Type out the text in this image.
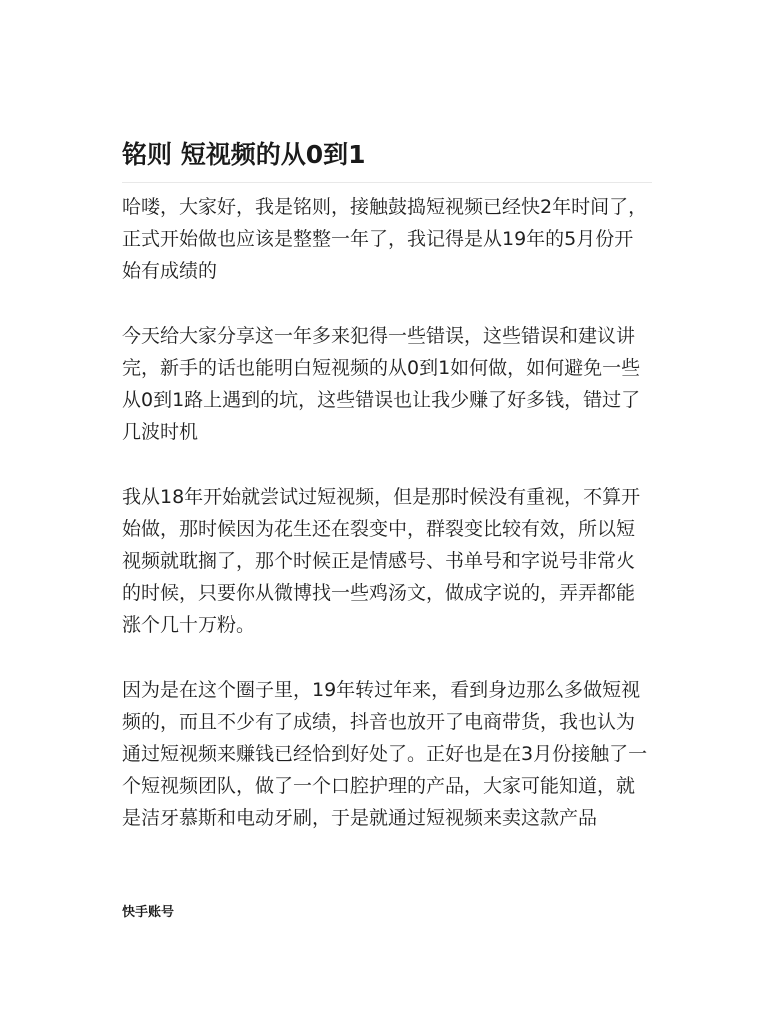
铭则 短视频的从0到1

哈喽，大家好，我是铭则，接触鼓捣短视频已经快2年时间了，正式开始做也应该是整整一年了，我记得是从19年的5月份开始有成绩的

今天给大家分享这一年多来犯得一些错误，这些错误和建议讲完，新手的话也能明白短视频的从0到1如何做，如何避免一些从0到1路上遇到的坑，这些错误也让我少赚了好多钱，错过了几波时机

我从18年开始就尝试过短视频，但是那时候没有重视，不算开始做，那时候因为花生还在裂变中，群裂变比较有效，所以短视频就耽搁了，那个时候正是情感号、书单号和字说号非常火的时候，只要你从微博找一些鸡汤文，做成字说的，弄弄都能涨个几十万粉。

因为是在这个圈子里，19年转过年来，看到身边那么多做短视频的，而且不少有了成绩，抖音也放开了电商带货，我也认为通过短视频来赚钱已经恰到好处了。正好也是在3月份接触了一个短视频团队，做了一个口腔护理的产品，大家可能知道，就是洁牙慕斯和电动牙刷，于是就通过短视频来卖这款产品

快手账号
